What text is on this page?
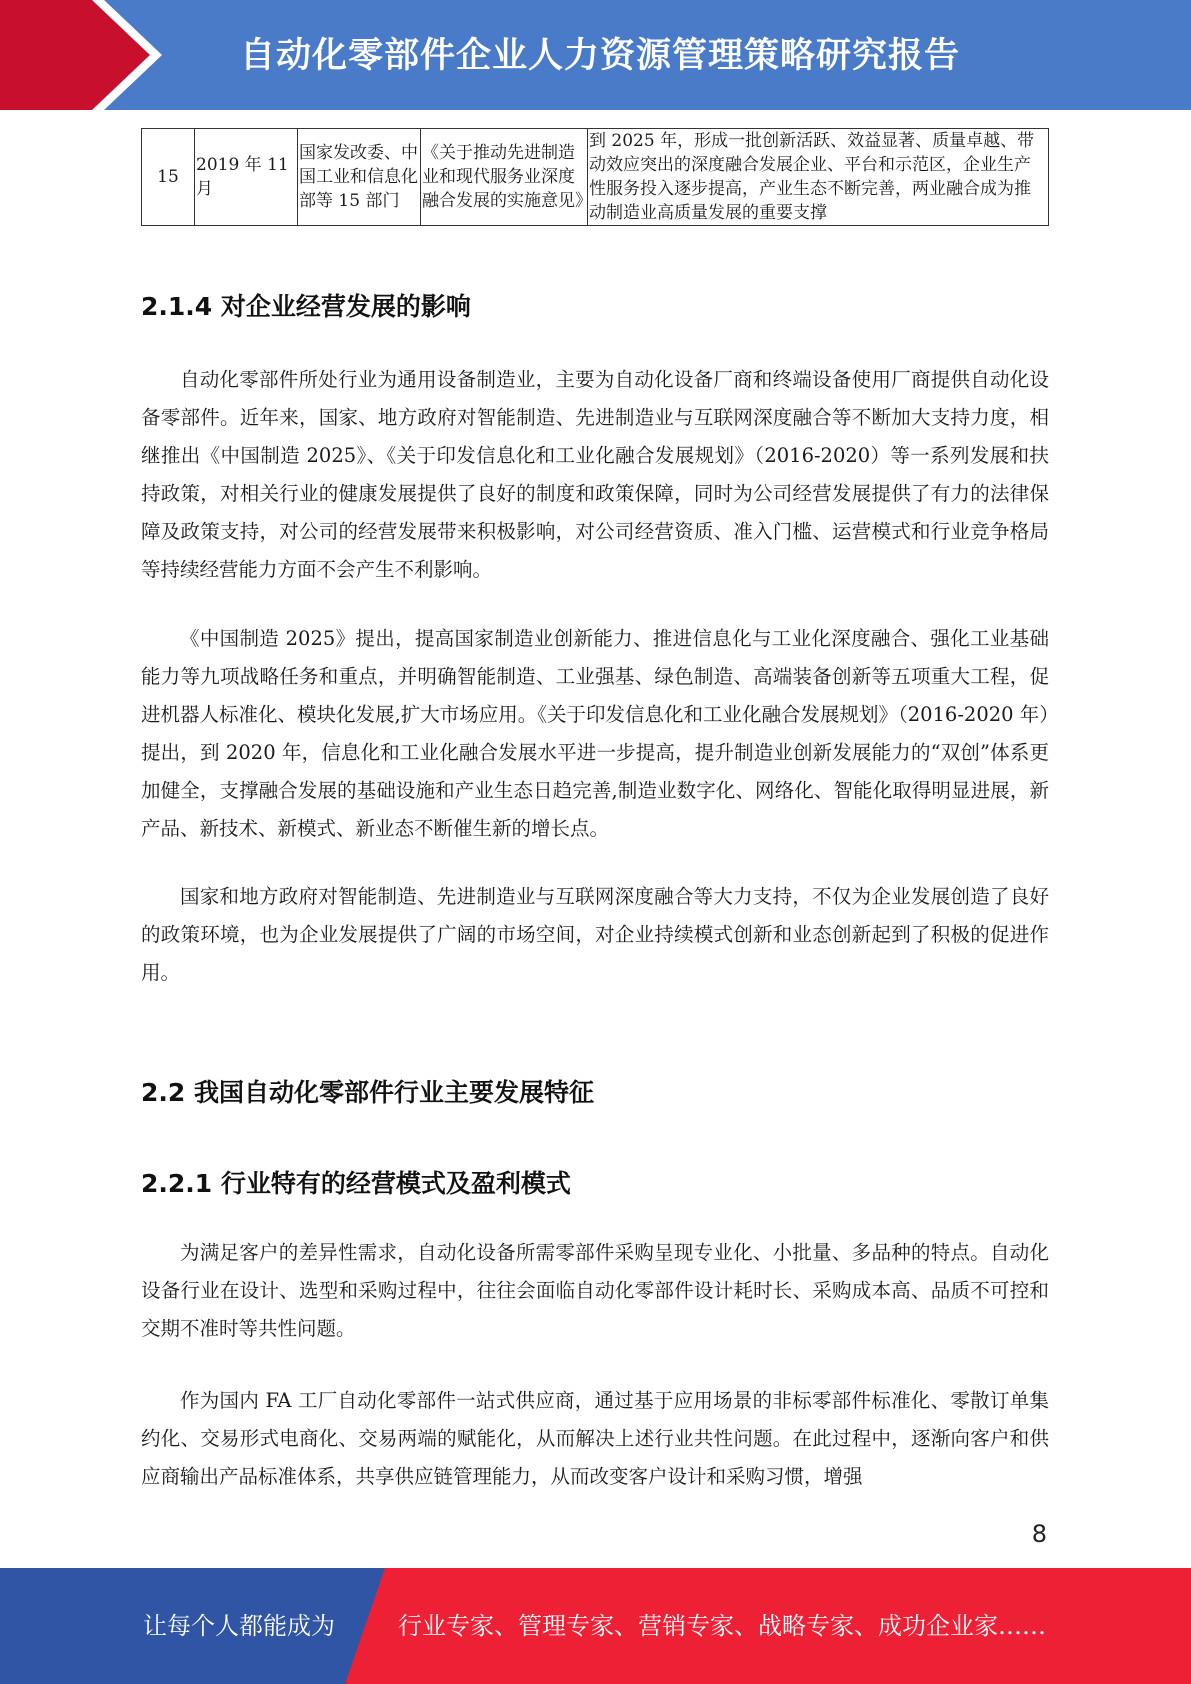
自动化零部件企业人力资源管理策略研究报告
15	2019 年 11 月	国家发改委、中国工业和信息化部等 15 部门	《关于推动先进制造业和现代服务业深度融合发展的实施意见》	到 2025 年，形成一批创新活跃、效益显著、质量卓越、带动效应突出的深度融合发展企业、平台和示范区，企业生产性服务投入逐步提高，产业生态不断完善，两业融合成为推动制造业高质量发展的重要支撑
2.1.4 对企业经营发展的影响

自动化零部件所处行业为通用设备制造业，主要为自动化设备厂商和终端设备使用厂商提供自动化设备零部件。近年来，国家、地方政府对智能制造、先进制造业与互联网深度融合等不断加大支持力度，相继推出《中国制造 2025》、《关于印发信息化和工业化融合发展规划》（2016-2020）等一系列发展和扶持政策，对相关行业的健康发展提供了良好的制度和政策保障，同时为公司经营发展提供了有力的法律保障及政策支持，对公司的经营发展带来积极影响，对公司经营资质、准入门槛、运营模式和行业竞争格局等持续经营能力方面不会产生不利影响。

《中国制造 2025》提出，提高国家制造业创新能力、推进信息化与工业化深度融合、强化工业基础能力等九项战略任务和重点，并明确智能制造、工业强基、绿色制造、高端装备创新等五项重大工程，促进机器人标准化、模块化发展,扩大市场应用。《关于印发信息化和工业化融合发展规划》（2016-2020 年）提出，到 2020 年，信息化和工业化融合发展水平进一步提高，提升制造业创新发展能力的“双创”体系更加健全，支撑融合发展的基础设施和产业生态日趋完善,制造业数字化、网络化、智能化取得明显进展，新产品、新技术、新模式、新业态不断催生新的增长点。

国家和地方政府对智能制造、先进制造业与互联网深度融合等大力支持，不仅为企业发展创造了良好的政策环境，也为企业发展提供了广阔的市场空间，对企业持续模式创新和业态创新起到了积极的促进作用。

2.2 我国自动化零部件行业主要发展特征
2.2.1 行业特有的经营模式及盈利模式

为满足客户的差异性需求，自动化设备所需零部件采购呈现专业化、小批量、多品种的特点。自动化设备行业在设计、选型和采购过程中，往往会面临自动化零部件设计耗时长、采购成本高、品质不可控和交期不准时等共性问题。

作为国内 FA 工厂自动化零部件一站式供应商，通过基于应用场景的非标零部件标准化、零散订单集约化、交易形式电商化、交易两端的赋能化，从而解决上述行业共性问题。在此过程中，逐渐向客户和供应商输出产品标准体系，共享供应链管理能力，从而改变客户设计和采购习惯，增强

8
让每个人都能成为	行业专家、管理专家、营销专家、战略专家、成功企业家……
